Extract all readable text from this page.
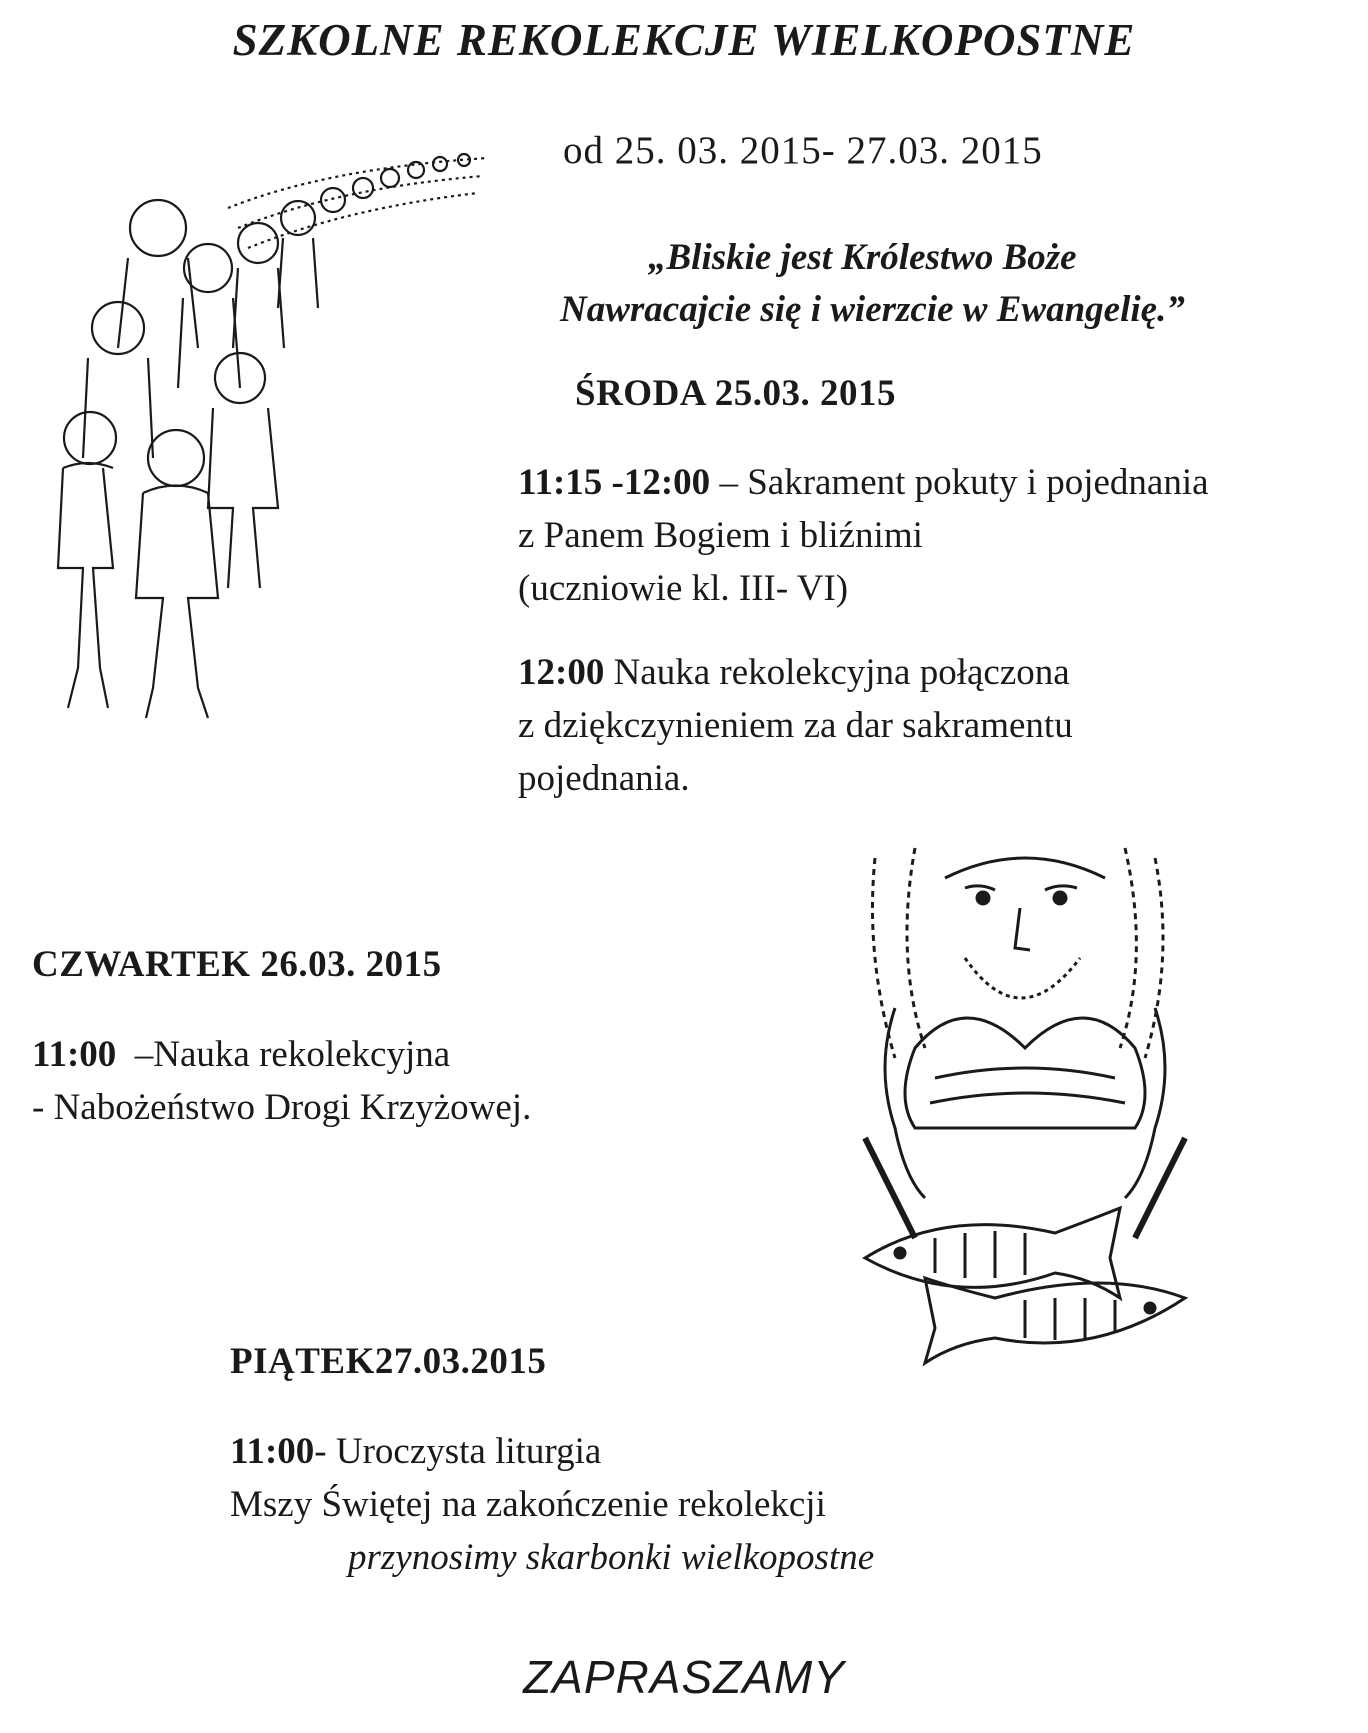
SZKOLNE REKOLEKCJE WIELKOPOSTNE
od 25. 03. 2015- 27.03. 2015
„Bliskie jest Królestwo Boże
Nawracajcie się i wierzcie w Ewangelię.”
ŚRODA 25.03. 2015
11:15 -12:00 – Sakrament pokuty i pojednania
z Panem Bogiem i bliźnimi
(uczniowie kl. III- VI)
12:00 Nauka rekolekcyjna połączona
z dziękczynieniem za dar sakramentu
pojednania.
CZWARTEK 26.03. 2015
11:00  –Nauka rekolekcyjna
- Nabożeństwo Drogi Krzyżowej.
PIĄTEK27.03.2015
11:00- Uroczysta liturgia
Mszy Świętej na zakończenie rekolekcji
przynosimy skarbonki wielkopostne
ZAPRASZAMY
